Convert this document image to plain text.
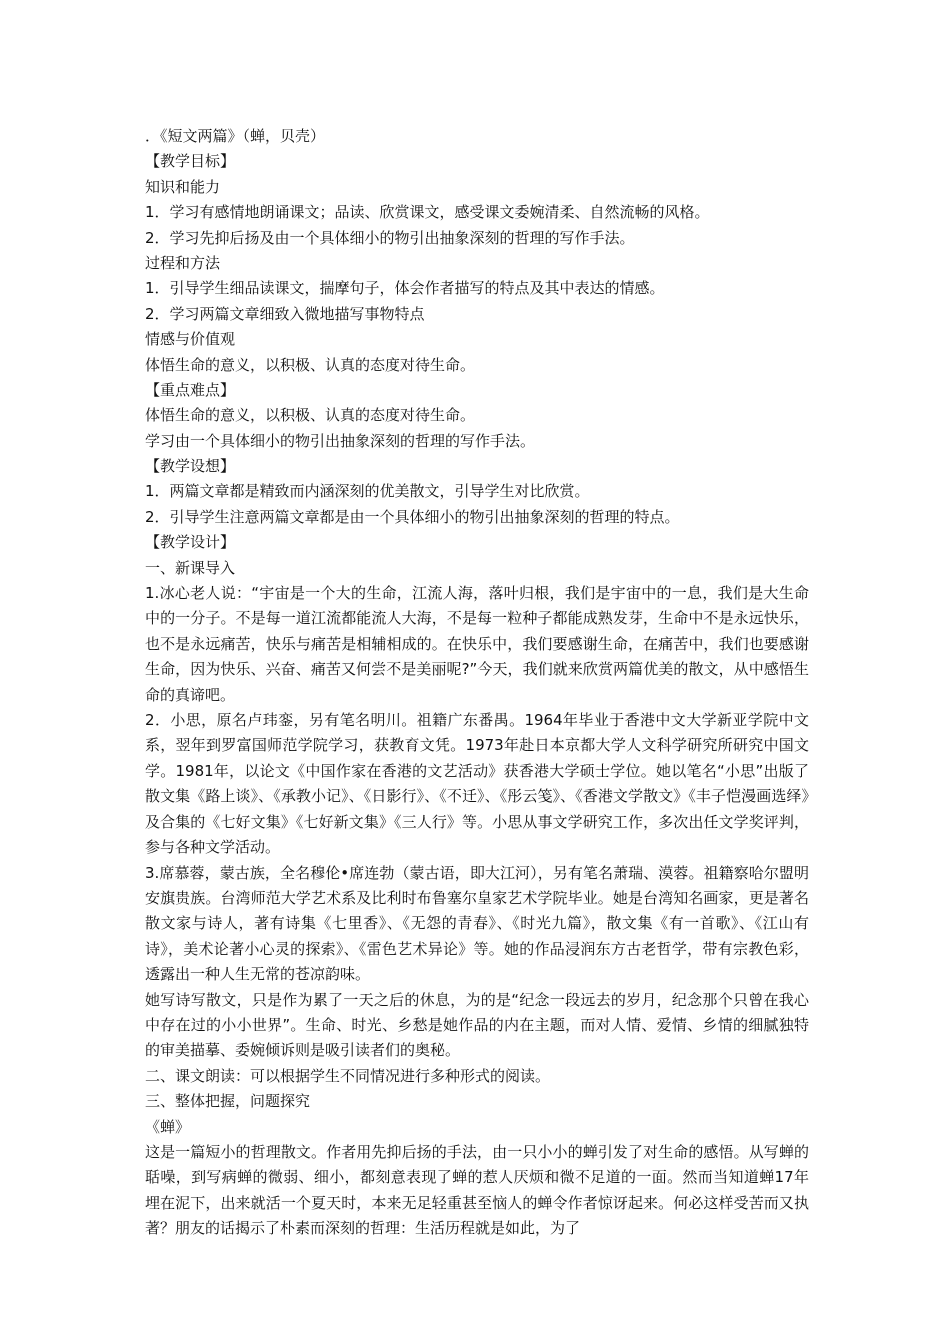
．《短文两篇》（蝉，贝壳）
【教学目标】
知识和能力
1．学习有感情地朗诵课文；品读、欣赏课文，感受课文委婉清柔、自然流畅的风格。
2．学习先抑后扬及由一个具体细小的物引出抽象深刻的哲理的写作手法。
过程和方法
1．引导学生细品读课文，揣摩句子，体会作者描写的特点及其中表达的情感。
2．学习两篇文章细致入微地描写事物特点
情感与价值观
体悟生命的意义，以积极、认真的态度对待生命。
【重点难点】
体悟生命的意义，以积极、认真的态度对待生命。
学习由一个具体细小的物引出抽象深刻的哲理的写作手法。
【教学设想】
1．两篇文章都是精致而内涵深刻的优美散文，引导学生对比欣赏。
2．引导学生注意两篇文章都是由一个具体细小的物引出抽象深刻的哲理的特点。
【教学设计】
一、新课导入

1.冰心老人说：“宇宙是一个大的生命，江流人海，落叶归根，我们是宇宙中的一息，我们是大生命中的一分子。不是每一道江流都能流人大海，不是每一粒种子都能成熟发芽，生命中不是永远快乐，也不是永远痛苦，快乐与痛苦是相辅相成的。在快乐中，我们要感谢生命，在痛苦中，我们也要感谢生命，因为快乐、兴奋、痛苦又何尝不是美丽呢?”今天，我们就来欣赏两篇优美的散文，从中感悟生命的真谛吧。

2．小思，原名卢玮銮，另有笔名明川。祖籍广东番禺。1964年毕业于香港中文大学新亚学院中文系，翌年到罗富国师范学院学习，获教育文凭。1973年赴日本京都大学人文科学研究所研究中国文学。1981年，以论文《中国作家在香港的文艺活动》获香港大学硕士学位。她以笔名“小思”出版了散文集《路上谈》、《承教小记》、《日影行》、《不迁》、《彤云笺》、《香港文学散文》《丰子恺漫画选绎》及合集的《七好文集》《七好新文集》《三人行》等。小思从事文学研究工作，多次出任文学奖评判，参与各种文学活动。

3.席慕蓉，蒙古族，全名穆伦•席连勃（蒙古语，即大江河），另有笔名萧瑞、漠蓉。祖籍察哈尔盟明安旗贵族。台湾师范大学艺术系及比利时布鲁塞尔皇家艺术学院毕业。她是台湾知名画家，更是著名散文家与诗人，著有诗集《七里香》、《无怨的青春》、《时光九篇》，散文集《有一首歌》、《江山有诗》，美术论著小心灵的探索》、《雷色艺术异论》等。她的作品浸润东方古老哲学，带有宗教色彩，透露出一种人生无常的苍凉韵味。

她写诗写散文，只是作为累了一天之后的休息，为的是“纪念一段远去的岁月，纪念那个只曾在我心中存在过的小小世界”。生命、时光、乡愁是她作品的内在主题，而对人情、爱情、乡情的细腻独特的审美描摹、委婉倾诉则是吸引读者们的奥秘。

二、课文朗读：可以根据学生不同情况进行多种形式的阅读。
三、整体把握，问题探究
《蝉》

这是一篇短小的哲理散文。作者用先抑后扬的手法，由一只小小的蝉引发了对生命的感悟。从写蝉的聒噪，到写病蝉的微弱、细小，都刻意表现了蝉的惹人厌烦和微不足道的一面。然而当知道蝉17年埋在泥下，出来就活一个夏天时，本来无足轻重甚至恼人的蝉令作者惊讶起来。何必这样受苦而又执著？朋友的话揭示了朴素而深刻的哲理：生活历程就是如此，为了
